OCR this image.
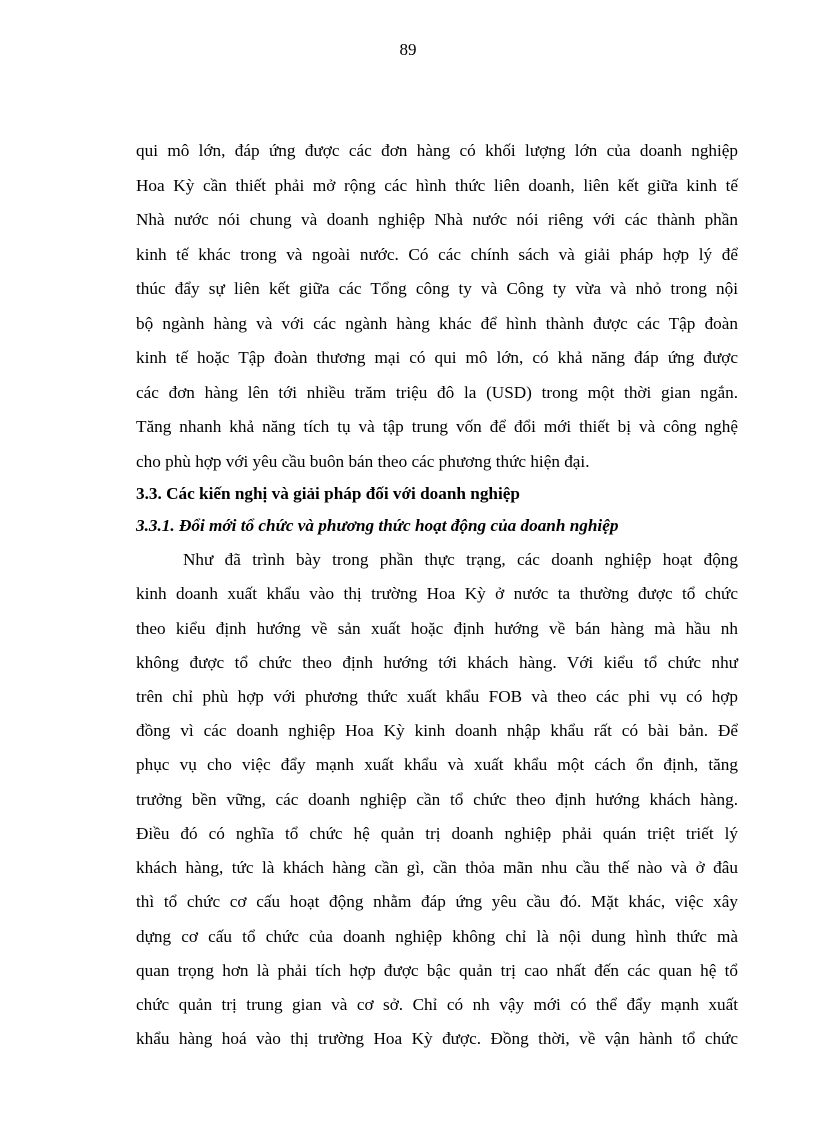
89
qui mô lớn, đáp ứng được các đơn hàng có khối lượng lớn của doanh nghiệp
Hoa Kỳ cần thiết phải mở rộng các hình thức liên doanh, liên kết giữa kinh tế
Nhà nước nói chung và doanh nghiệp Nhà nước nói riêng với các thành phần
kinh tế khác trong và ngoài nước. Có các chính sách và giải pháp hợp lý để
thúc đẩy sự liên kết giữa các Tổng công ty và Công ty vừa và nhỏ trong nội
bộ ngành hàng và với các ngành hàng khác để hình thành được các Tập đoàn
kinh tế hoặc Tập đoàn thương mại có qui mô lớn, có khả năng đáp ứng được
các đơn hàng lên tới nhiều trăm triệu đô la (USD) trong một thời gian ngắn.
Tăng nhanh khả năng tích tụ và tập trung vốn để đổi mới thiết bị và công nghệ
cho phù hợp với yêu cầu buôn bán theo các phương thức hiện đại.
3.3. Các kiến nghị và giải pháp đối với doanh nghiệp
3.3.1. Đổi mới tổ chức và phương thức hoạt động của doanh nghiệp
Như đã trình bày trong phần thực trạng, các doanh nghiệp hoạt động
kinh doanh xuất khẩu vào thị trường Hoa Kỳ ở nước ta thường được tổ chức
theo kiểu định hướng về sản xuất hoặc định hướng về bán hàng mà hầu nh
không được tổ chức theo định hướng tới khách hàng. Với kiểu tổ chức như
trên chỉ phù hợp với phương thức xuất khẩu FOB và theo các phi vụ có hợp
đồng vì các doanh nghiệp Hoa Kỳ kinh doanh nhập khẩu rất có bài bản. Để
phục vụ cho việc đẩy mạnh xuất khẩu và xuất khẩu một cách ổn định, tăng
trưởng bền vững, các doanh nghiệp cần tổ chức theo định hướng khách hàng.
Điều đó có nghĩa tổ chức hệ quản trị doanh nghiệp phải quán triệt triết lý
khách hàng, tức là khách hàng cần gì, cần thỏa mãn nhu cầu thế nào và ở đâu
thì tổ chức cơ cấu hoạt động nhằm đáp ứng yêu cầu đó. Mặt khác, việc xây
dựng cơ cấu tổ chức của doanh nghiệp không chỉ là nội dung hình thức mà
quan trọng hơn là phải tích hợp được bậc quản trị cao nhất đến các quan hệ tổ
chức quản trị trung gian và cơ sở. Chỉ có nh vậy mới có thể đẩy mạnh xuất
khẩu hàng hoá vào thị trường Hoa Kỳ được. Đồng thời, về vận hành tổ chức
